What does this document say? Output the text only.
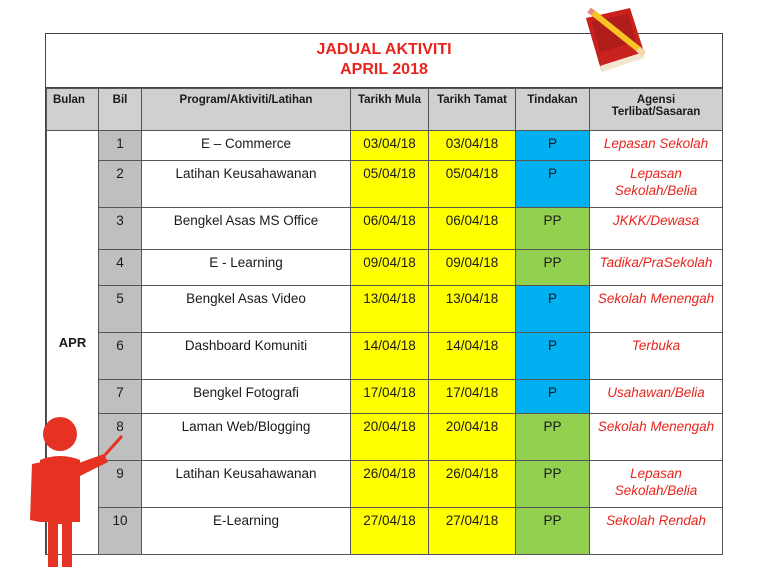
JADUAL AKTIVITI
APRIL 2018
Bulan	Bil	Program/Aktiviti/Latihan	Tarikh Mula	Tarikh Tamat	Tindakan	Agensi
Terlibat/Sasaran

APR	1	E – Commerce	03/04/18	03/04/18	P	Lepasan Sekolah

	2	Latihan Keusahawanan	05/04/18	05/04/18	P	Lepasan
Sekolah/Belia

	3	Bengkel Asas MS Office	06/04/18	06/04/18	PP	JKKK/Dewasa

	4	E - Learning	09/04/18	09/04/18	PP	Tadika/PraSekolah

	5	Bengkel Asas Video	13/04/18	13/04/18	P	Sekolah Menengah

	6	Dashboard Komuniti	14/04/18	14/04/18	P	Terbuka

	7	Bengkel Fotografi	17/04/18	17/04/18	P	Usahawan/Belia

	8	Laman Web/Blogging	20/04/18	20/04/18	PP	Sekolah Menengah

	9	Latihan Keusahawanan	26/04/18	26/04/18	PP	Lepasan
Sekolah/Belia

	10	E-Learning	27/04/18	27/04/18	PP	Sekolah Rendah
